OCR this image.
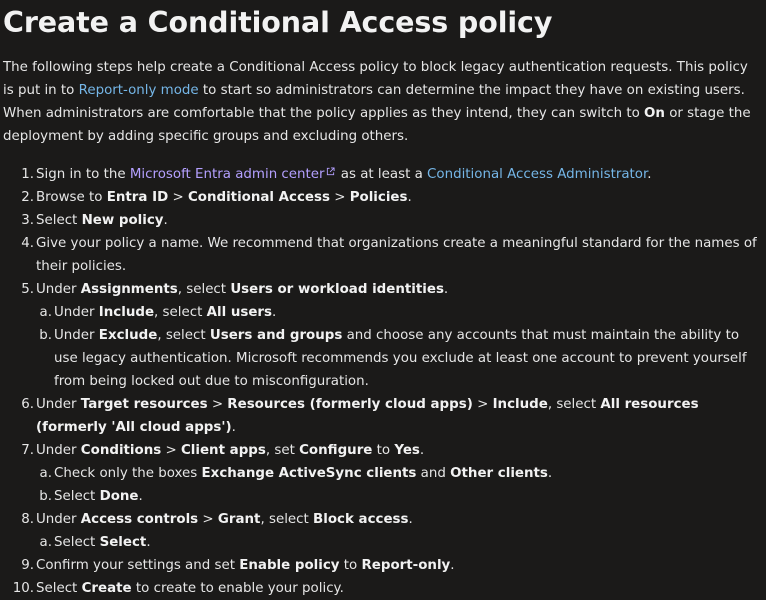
Create a Conditional Access policy

The following steps help create a Conditional Access policy to block legacy authentication requests. This policy is put in to Report-only mode to start so administrators can determine the impact they have on existing users. When administrators are comfortable that the policy applies as they intend, they can switch to On or stage the deployment by adding specific groups and excluding others.

1. Sign in to the Microsoft Entra admin center as at least a Conditional Access Administrator.
2. Browse to Entra ID > Conditional Access > Policies.
3. Select New policy.
4. Give your policy a name. We recommend that organizations create a meaningful standard for the names of their policies.
5. Under Assignments, select Users or workload identities.
a. Under Include, select All users.
b. Under Exclude, select Users and groups and choose any accounts that must maintain the ability to use legacy authentication. Microsoft recommends you exclude at least one account to prevent yourself from being locked out due to misconfiguration.
6. Under Target resources > Resources (formerly cloud apps) > Include, select All resources (formerly 'All cloud apps').
7. Under Conditions > Client apps, set Configure to Yes.
a. Check only the boxes Exchange ActiveSync clients and Other clients.
b. Select Done.
8. Under Access controls > Grant, select Block access.
a. Select Select.
9. Confirm your settings and set Enable policy to Report-only.
10. Select Create to create to enable your policy.
